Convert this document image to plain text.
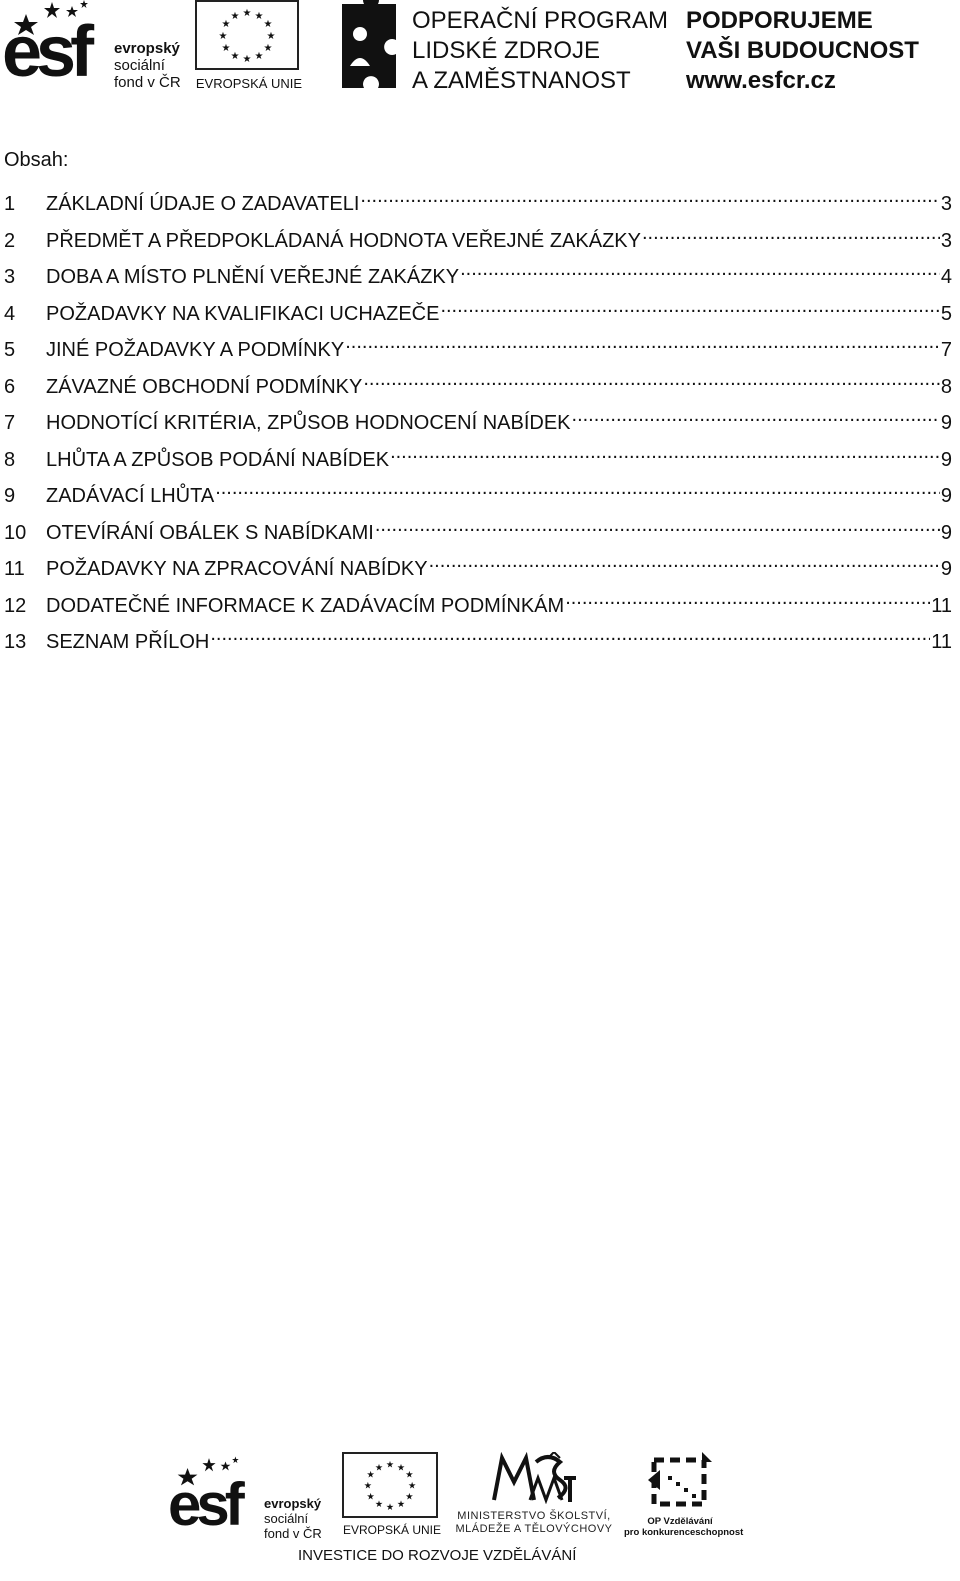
esf evropský
sociální
fond v ČR
★ ★
★
★
★
★
★
★
★
★
★
★
EVROPSKÁ UNIE
OPERAČNÍ PROGRAM
LIDSKÉ ZDROJE
A ZAMĚSTNANOST
PODPORUJEME
VAŠI BUDOUCNOST
www.esfcr.cz
Obsah:
1	ZÁKLADNÍ ÚDAJE O ZADAVATELI .....	3
2	PŘEDMĚT A PŘEDPOKLÁDANÁ HODNOTA VEŘEJNÉ ZAKÁZKY .....	3
3	DOBA A MÍSTO PLNĚNÍ VEŘEJNÉ ZAKÁZKY .....	4
4	POŽADAVKY NA KVALIFIKACI UCHAZEČE .....	5
5	JINÉ POŽADAVKY A PODMÍNKY .....	7
6	ZÁVAZNÉ OBCHODNÍ PODMÍNKY .....	8
7	HODNOTÍCÍ KRITÉRIA, ZPŮSOB HODNOCENÍ NABÍDEK .....	9
8	LHŮTA A ZPŮSOB PODÁNÍ NABÍDEK .....	9
9	ZADÁVACÍ LHŮTA .....	9
10 OTEVÍRÁNÍ OBÁLEK S NABÍDKAMI .....	9
11	POŽADAVKY NA ZPRACOVÁNÍ NABÍDKY .....	9
12 DODATEČNÉ INFORMACE K ZADÁVACÍM PODMÍNKÁM .....	11
13 SEZNAM PŘÍLOH .....	11
esf evropský
sociální
fond v ČR
★ ★
★
★
★
★
★
★
★
★
★
★
EVROPSKÁ UNIE
MINISTERSTVO ŠKOLSTVÍ,
MLÁDEŽE A TĚLOVÝCHOVY
OP Vzdělávání
pro konkurenceschopnost
INVESTICE DO ROZVOJE VZDĚLÁVÁNÍ
